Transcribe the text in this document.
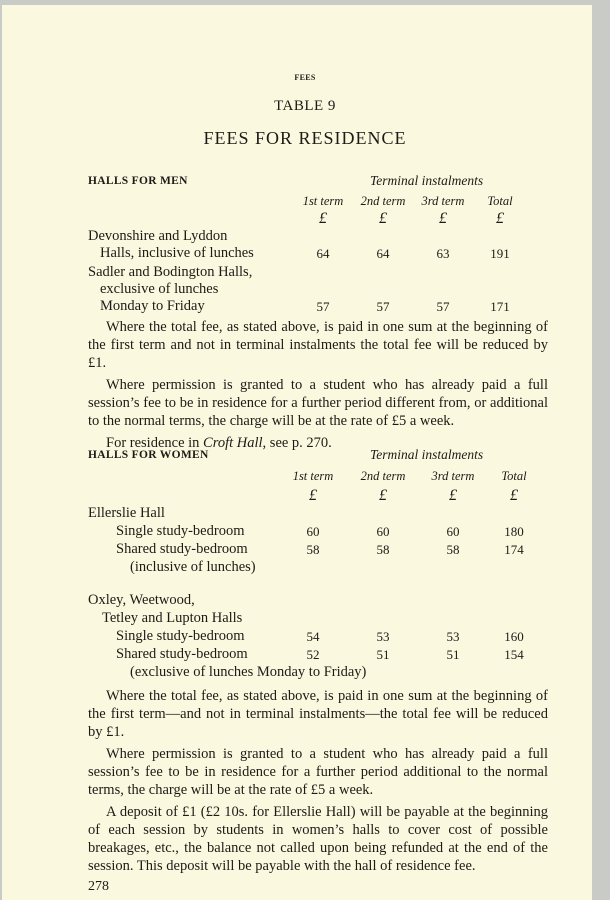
FEES
TABLE 9
FEES FOR RESIDENCE
HALLS FOR MEN	Terminal instalments
1st term	2nd term	3rd term	Total
£	£	£	£
Devonshire and Lyddon
Halls, inclusive of lunches	64	64	63	191
Sadler and Bodington Halls,
exclusive of lunches
Monday to Friday	57	57	57	171

Where the total fee, as stated above, is paid in one sum at the beginning of the first term and not in terminal instalments the total fee will be reduced by £1.

Where permission is granted to a student who has already paid a full session’s fee to be in residence for a further period different from, or additional to the normal terms, the charge will be at the rate of £5 a week.

For residence in Croft Hall, see p. 270.

HALLS FOR WOMEN	Terminal instalments
1st term	2nd term	3rd term	Total
£	£	£	£
Ellerslie Hall
Single study-bedroom	60	60	60	180
Shared study-bedroom	58	58	58	174
(inclusive of lunches)
Oxley, Weetwood,
Tetley and Lupton Halls
Single study-bedroom	54	53	53	160
Shared study-bedroom	52	51	51	154
(exclusive of lunches Monday to Friday)

Where the total fee, as stated above, is paid in one sum at the beginning of the first term—and not in terminal instalments—the total fee will be reduced by £1.

Where permission is granted to a student who has already paid a full session’s fee to be in residence for a further period additional to the normal terms, the charge will be at the rate of £5 a week.

A deposit of £1 (£2 10s. for Ellerslie Hall) will be payable at the beginning of each session by students in women’s halls to cover cost of possible breakages, etc., the balance not called upon being refunded at the end of the session. This deposit will be payable with the hall of residence fee.

278
